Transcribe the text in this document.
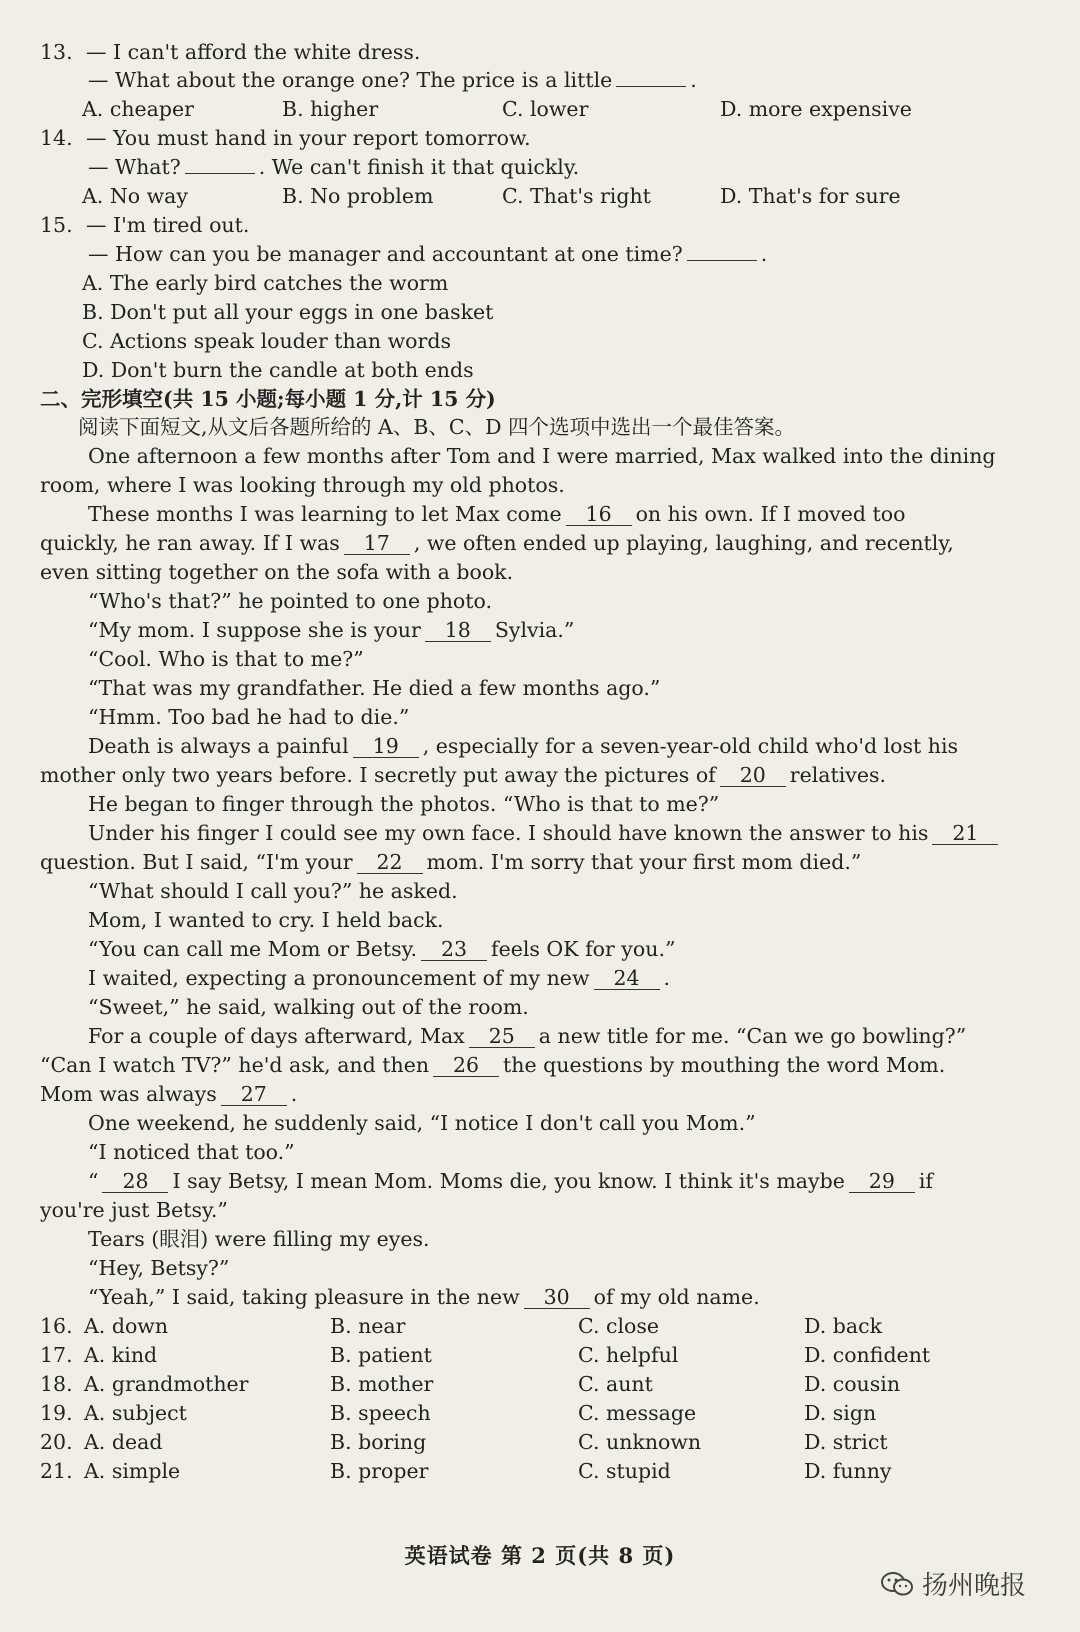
13. — I can't afford the white dress.
— What about the orange one? The price is a little	.
A. cheaper	B. higher	C. lower	D. more expensive
14. — You must hand in your report tomorrow.
— What?	. We can't finish it that quickly.
A. No way	B. No problem	C. That's right	D. That's for sure
15. — I'm tired out.
— How can you be manager and accountant at one time?	.
A. The early bird catches the worm
B. Don't put all your eggs in one basket
C. Actions speak louder than words
D. Don't burn the candle at both ends
二、完形填空(共 15 小题;每小题 1 分,计 15 分)
阅读下面短文,从文后各题所给的 A、B、C、D 四个选项中选出一个最佳答案。
One afternoon a few months after Tom and I were married, Max walked into the dining
room, where I was looking through my old photos.
These months I was learning to let Max come 16 on his own. If I moved too
quickly, he ran away. If I was 17 , we often ended up playing, laughing, and recently,
even sitting together on the sofa with a book.
“Who's that?” he pointed to one photo.
“My mom. I suppose she is your 18 Sylvia.”
“Cool. Who is that to me?”
“That was my grandfather. He died a few months ago.”
“Hmm. Too bad he had to die.”
Death is always a painful 19 , especially for a seven-year-old child who'd lost his
mother only two years before. I secretly put away the pictures of 20 relatives.
He began to finger through the photos. “Who is that to me?”
Under his finger I could see my own face. I should have known the answer to his 21
question. But I said, “I'm your 22 mom. I'm sorry that your first mom died.”
“What should I call you?” he asked.
Mom, I wanted to cry. I held back.
“You can call me Mom or Betsy. 23 feels OK for you.”
I waited, expecting a pronouncement of my new 24 .
“Sweet,” he said, walking out of the room.
For a couple of days afterward, Max 25 a new title for me. “Can we go bowling?”
“Can I watch TV?” he'd ask, and then 26 the questions by mouthing the word Mom.
Mom was always 27 .
One weekend, he suddenly said, “I notice I don't call you Mom.”
“I noticed that too.”
“ 28 I say Betsy, I mean Mom. Moms die, you know. I think it's maybe 29 if
you're just Betsy.”
Tears (眼泪) were filling my eyes.
“Hey, Betsy?”
“Yeah,” I said, taking pleasure in the new 30 of my old name.
16. A. down	B. near	C. close	D. back
17. A. kind	B. patient	C. helpful	D. confident
18. A. grandmother	B. mother	C. aunt	D. cousin
19. A. subject	B. speech	C. message	D. sign
20. A. dead	B. boring	C. unknown	D. strict
21. A. simple	B. proper	C. stupid	D. funny
英语试卷 第 2 页(共 8 页)
扬州晚报
